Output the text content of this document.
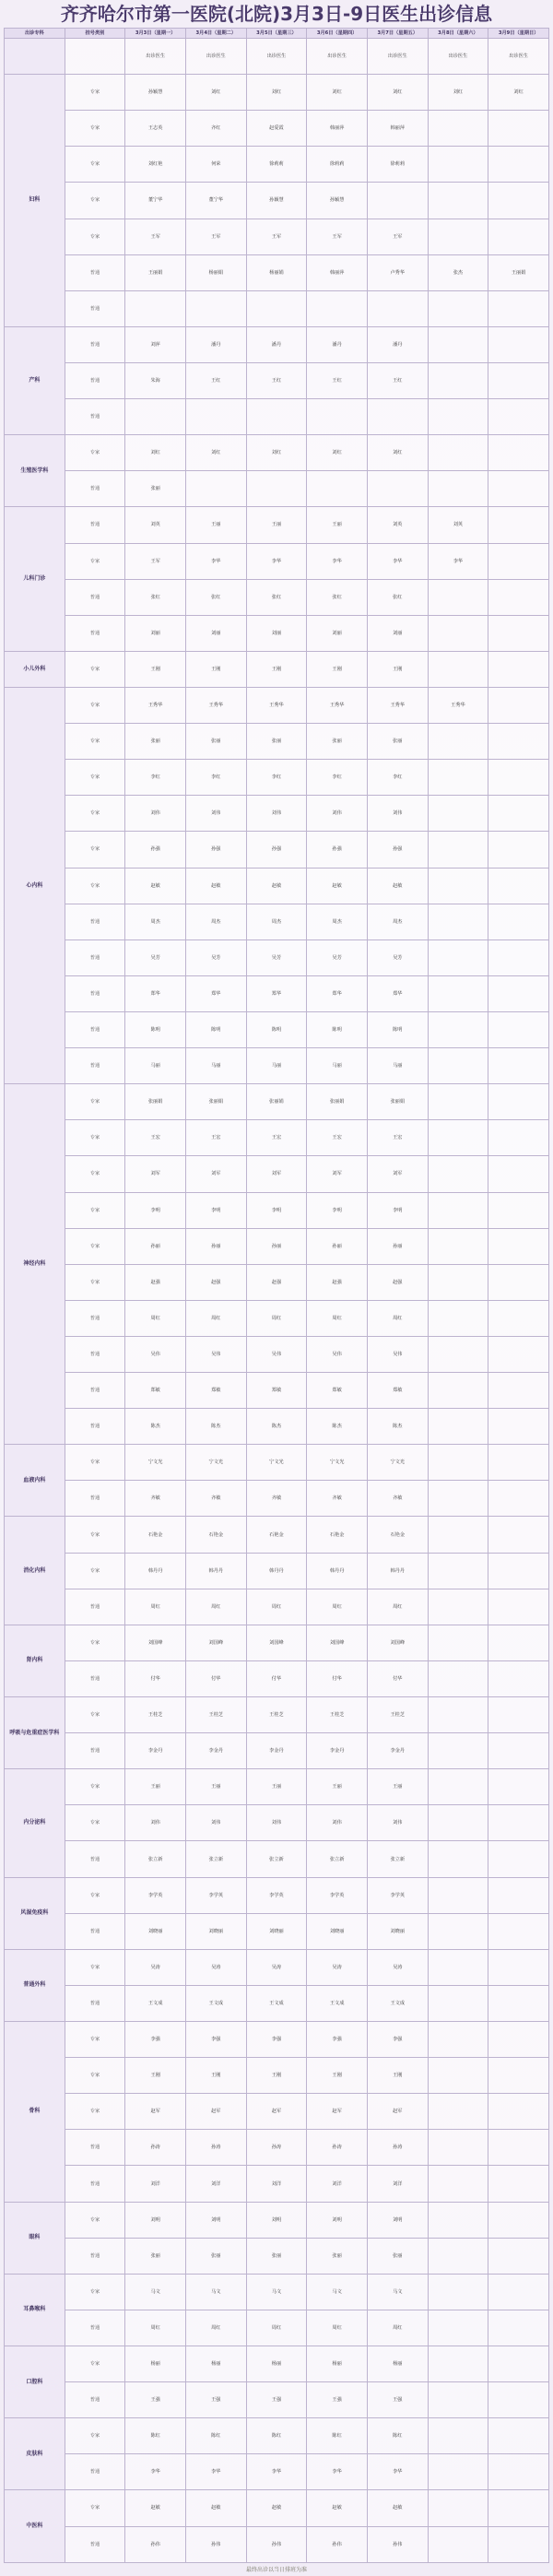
齐齐哈尔市第一医院(北院)3月3日-9日医生出诊信息
出诊专科	挂号类别	3月3日（星期一）	3月4日（星期二）	3月5日（星期三）	3月6日（星期四）	3月7日（星期五）	3月8日（星期六）	3月9日（星期日）
		出诊医生	出诊医生	出诊医生	出诊医生	出诊医生	出诊医生	出诊医生
妇科	专家	孙颖慧	刘红	刘红	刘红	刘红	刘红	刘红
	专家	王志英	齐红	赵爱霞	韩丽萍	韩丽萍		
	专家	刘红艳	何荣	徐莉莉	徐莉莉	徐莉莉		
	专家	董宁华	董宁华	孙颖慧	孙颖慧			
	专家	王军	王军	王军	王军	王军		
	普通	王丽娟	杨丽娟	杨丽娟	韩丽萍	卢秀华	张杰	王丽娟
	普通							
产科	普通	刘萍	潘丹	潘丹	潘丹	潘丹		
	普通	朱海	王红	王红	王红	王红		
	普通							
生殖医学科	专家	刘红	刘红	刘红	刘红	刘红		
	普通	张丽						
儿科门诊	普通	刘英	王丽	王丽	王丽	刘英	刘英	
	专家	王军	李华	李华	李华	李华	李华	
	普通	张红	张红	张红	张红	张红		
	普通	刘丽	刘丽	刘丽	刘丽	刘丽		
小儿外科	专家	王刚	王刚	王刚	王刚	王刚		
心内科	专家	王秀华	王秀华	王秀华	王秀华	王秀华	王秀华	
	专家	张丽	张丽	张丽	张丽	张丽		
	专家	李红	李红	李红	李红	李红		
	专家	刘伟	刘伟	刘伟	刘伟	刘伟		
	专家	孙强	孙强	孙强	孙强	孙强		
	专家	赵敏	赵敏	赵敏	赵敏	赵敏		
	普通	周杰	周杰	周杰	周杰	周杰		
	普通	吴芳	吴芳	吴芳	吴芳	吴芳		
	普通	郑华	郑华	郑华	郑华	郑华		
	普通	陈明	陈明	陈明	陈明	陈明		
	普通	马丽	马丽	马丽	马丽	马丽		
神经内科	专家	张丽娟	张丽娟	张丽娟	张丽娟	张丽娟		
	专家	王宏	王宏	王宏	王宏	王宏		
	专家	刘军	刘军	刘军	刘军	刘军		
	专家	李明	李明	李明	李明	李明		
	专家	孙丽	孙丽	孙丽	孙丽	孙丽		
	专家	赵强	赵强	赵强	赵强	赵强		
	普通	周红	周红	周红	周红	周红		
	普通	吴伟	吴伟	吴伟	吴伟	吴伟		
	普通	郑敏	郑敏	郑敏	郑敏	郑敏		
	普通	陈杰	陈杰	陈杰	陈杰	陈杰		
血液内科	专家	宁文光	宁文光	宁文光	宁文光	宁文光		
	普通	齐敏	齐敏	齐敏	齐敏	齐敏		
消化内科	专家	石艳金	石艳金	石艳金	石艳金	石艳金		
	专家	韩丹丹	韩丹丹	韩丹丹	韩丹丹	韩丹丹		
	普通	周红	周红	周红	周红	周红		
肾内科	专家	刘国峰	刘国峰	刘国峰	刘国峰	刘国峰		
	普通	付华	付华	付华	付华	付华		
呼吸与危重症医学科	专家	王桂芝	王桂芝	王桂芝	王桂芝	王桂芝		
	普通	李金丹	李金丹	李金丹	李金丹	李金丹		
内分泌科	专家	王丽	王丽	王丽	王丽	王丽		
	专家	刘伟	刘伟	刘伟	刘伟	刘伟		
	普通	张立新	张立新	张立新	张立新	张立新		
风湿免疫科	专家	李学英	李学英	李学英	李学英	李学英		
	普通	刘晓丽	刘晓丽	刘晓丽	刘晓丽	刘晓丽		
普通外科	专家	吴涛	吴涛	吴涛	吴涛	吴涛		
	普通	王文成	王文成	王文成	王文成	王文成		
骨科	专家	李强	李强	李强	李强	李强		
	专家	王刚	王刚	王刚	王刚	王刚		
	专家	赵军	赵军	赵军	赵军	赵军		
	普通	孙涛	孙涛	孙涛	孙涛	孙涛		
	普通	刘洋	刘洋	刘洋	刘洋	刘洋		
眼科	专家	刘明	刘明	刘明	刘明	刘明		
	普通	张丽	张丽	张丽	张丽	张丽		
耳鼻喉科	专家	马文	马文	马文	马文	马文		
	普通	周红	周红	周红	周红	周红		
口腔科	专家	杨丽	杨丽	杨丽	杨丽	杨丽		
	普通	王强	王强	王强	王强	王强		
皮肤科	专家	陈红	陈红	陈红	陈红	陈红		
	普通	李华	李华	李华	李华	李华		
中医科	专家	赵敏	赵敏	赵敏	赵敏	赵敏		
	普通	孙伟	孙伟	孙伟	孙伟	孙伟		
最终出诊以当日排班为准
